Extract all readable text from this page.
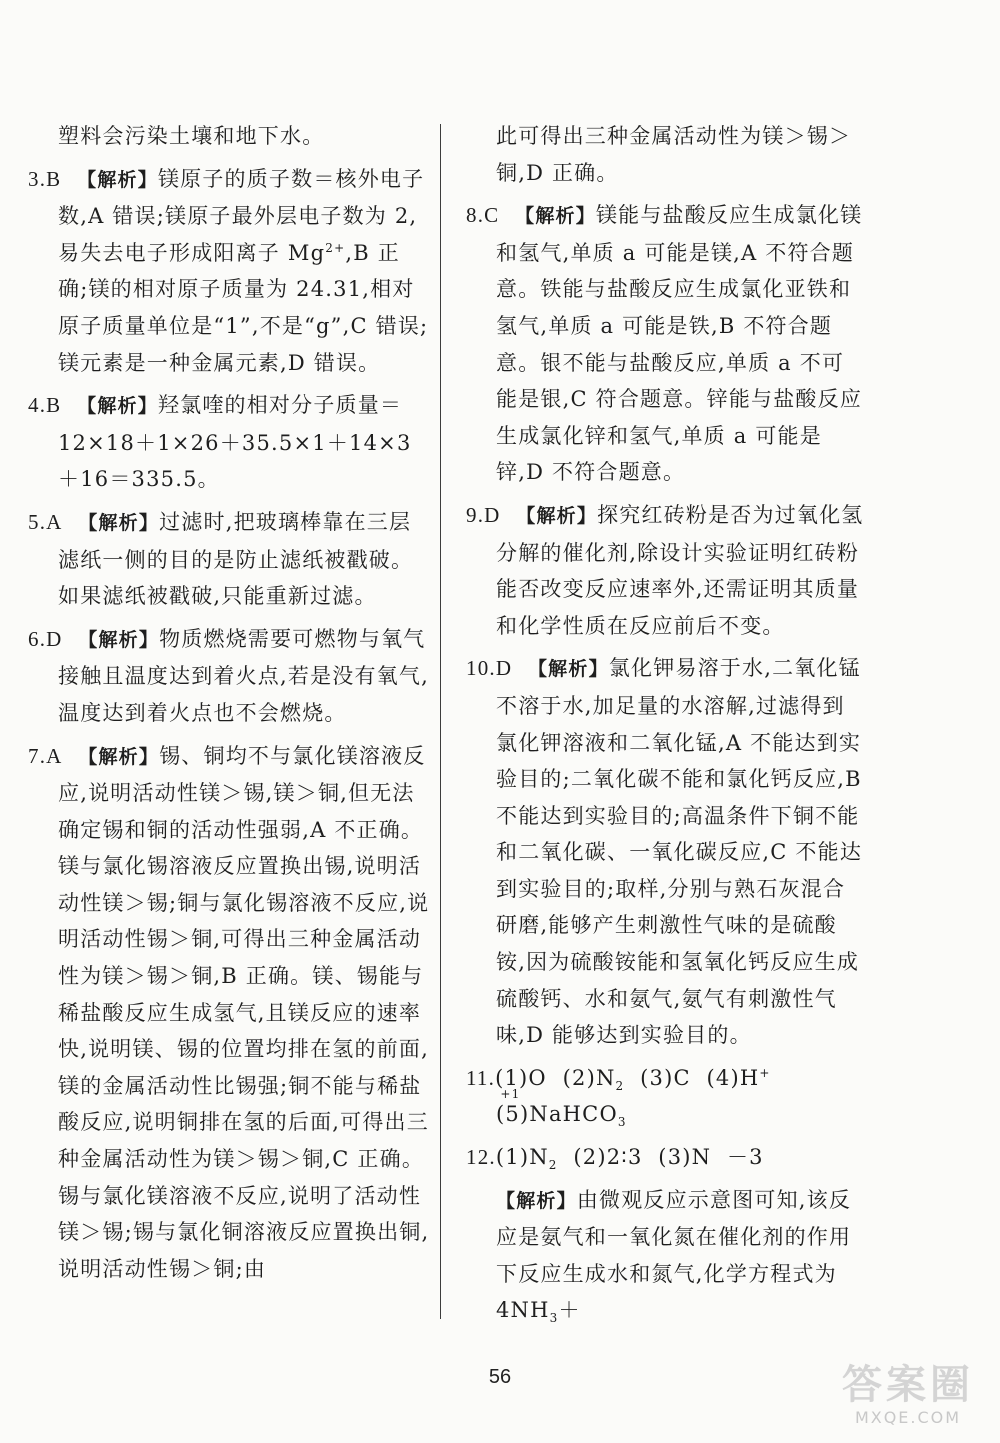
塑料会污染土壤和地下水。

3.B 【解析】镁原子的质子数＝核外电子数,A 错误;镁原子最外层电子数为 2,易失去电子形成阳离子 $Mg^{2+},B$ 正确;镁的相对原子质量为 24.31,相对原子质量单位是“1”,不是“g”,C 错误;镁元素是一种金属元素,D 错误。

4.B 【解析】羟氯喹的相对分子质量＝12×18＋1×26＋35.5×1＋14×3＋16＝335.5。

5.A 【解析】过滤时,把玻璃棒靠在三层滤纸一侧的目的是防止滤纸被戳破。如果滤纸被戳破,只能重新过滤。

6.D 【解析】物质燃烧需要可燃物与氧气接触且温度达到着火点,若是没有氧气,温度达到着火点也不会燃烧。

7.A 【解析】锡、铜均不与氯化镁溶液反应,说明活动性镁＞锡,镁＞铜,但无法确定锡和铜的活动性强弱,A 不正确。镁与氯化锡溶液反应置换出锡,说明活动性镁＞锡;铜与氯化锡溶液不反应,说明活动性锡＞铜,可得出三种金属活动性为镁＞锡＞铜,B 正确。镁、锡能与稀盐酸反应生成氢气,且镁反应的速率快,说明镁、锡的位置均排在氢的前面,镁的金属活动性比锡强;铜不能与稀盐酸反应,说明铜排在氢的后面,可得出三种金属活动性为镁＞锡＞铜,C 正确。锡与氯化镁溶液不反应,说明了活动性镁＞锡;锡与氯化铜溶液反应置换出铜,说明活动性锡＞铜;由

此可得出三种金属活动性为镁＞锡＞铜,D 正确。

8.C 【解析】镁能与盐酸反应生成氯化镁和氢气,单质 a 可能是镁,A 不符合题意。铁能与盐酸反应生成氯化亚铁和氢气,单质 a 可能是铁,B 不符合题意。银不能与盐酸反应,单质 a 不可能是银,C 符合题意。锌能与盐酸反应生成氯化锌和氢气,单质 a 可能是锌,D 不符合题意。

9.D 【解析】探究红砖粉是否为过氧化氢分解的催化剂,除设计实验证明红砖粉能否改变反应速率外,还需证明其质量和化学性质在反应前后不变。

10.D 【解析】氯化钾易溶于水,二氧化锰不溶于水,加足量的水溶解,过滤得到氯化钾溶液和二氧化锰,A 不能达到实验目的;二氧化碳不能和氯化钙反应,B 不能达到实验目的;高温条件下铜不能和二氧化碳、一氧化碳反应,C 不能达到实验目的;取样,分别与熟石灰混合研磨,能够产生刺激性气味的是硫酸铵,因为硫酸铵能和氢氧化钙反应生成硫酸钙、水和氨气,氨气有刺激性气味,D 能够达到实验目的。

11.(1)O $(2)N_2$ (3)C (4)H+
(5)
+1
NaHCO$_3$

$12.(1)N_2$ (2)2∶3 (3)N －3

【解析】由微观反应示意图可知,该反应是氨气和一氧化氮在催化剂的作用下反应生成水和氮气,化学方程式为 $4NH_3+$

56	答案圈
MXQE.COM
